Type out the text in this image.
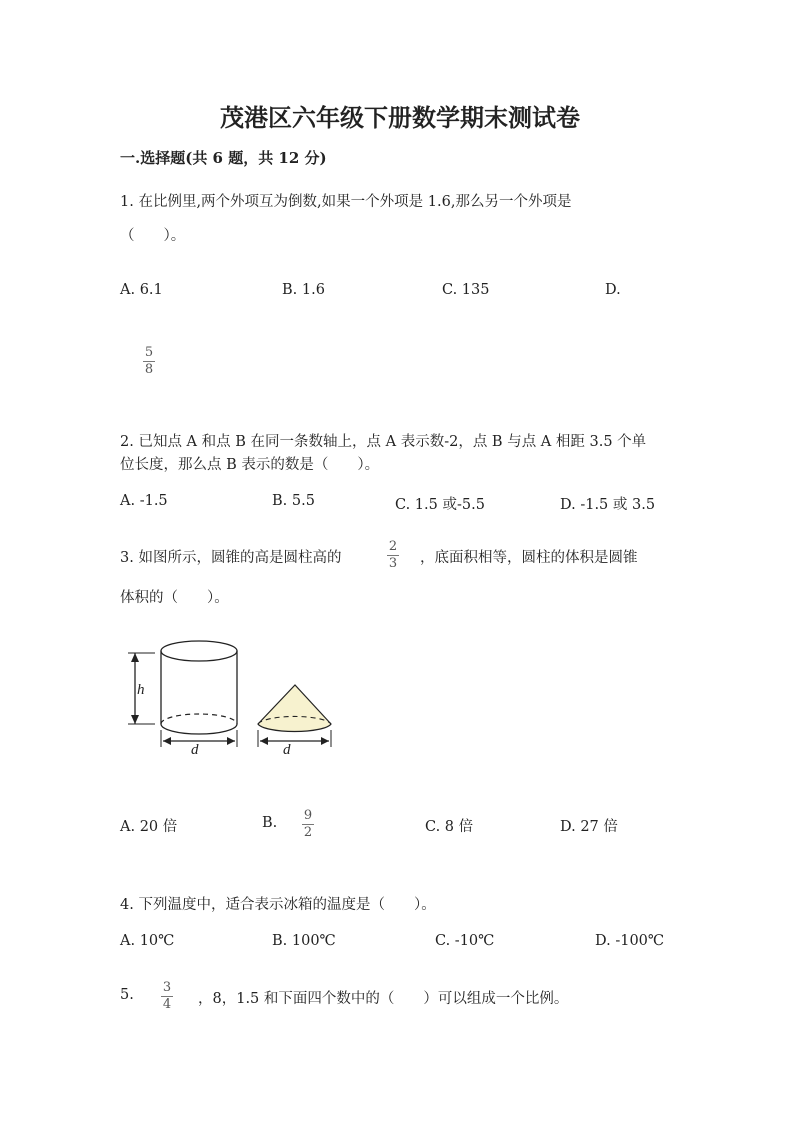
茂港区六年级下册数学期末测试卷
一.选择题(共 6 题，共 12 分)
1. 在比例里,两个外项互为倒数,如果一个外项是 1.6,那么另一个外项是
（　　）。
A. 6.1	B. 1.6	C. 135	D.
5
8
2. 已知点 A 和点 B 在同一条数轴上，点 A 表示数-2，点 B 与点 A 相距 3.5 个单
位长度，那么点 B 表示的数是（　　）。
A. -1.5	B. 5.5	C. 1.5 或-5.5	D. -1.5 或 3.5
3. 如图所示，圆锥的高是圆柱高的
2
3 ，底面积相等，圆柱的体积是圆锥
体积的（　　）。
h
d	d
A. 20 倍	B. 9
2	C. 8 倍	D. 27 倍
4. 下列温度中，适合表示冰箱的温度是（　　）。
A. 10℃	B. 100℃	C. -10℃	D. -100℃
5. 3
4 ，8，1.5 和下面四个数中的（　　）可以组成一个比例。
